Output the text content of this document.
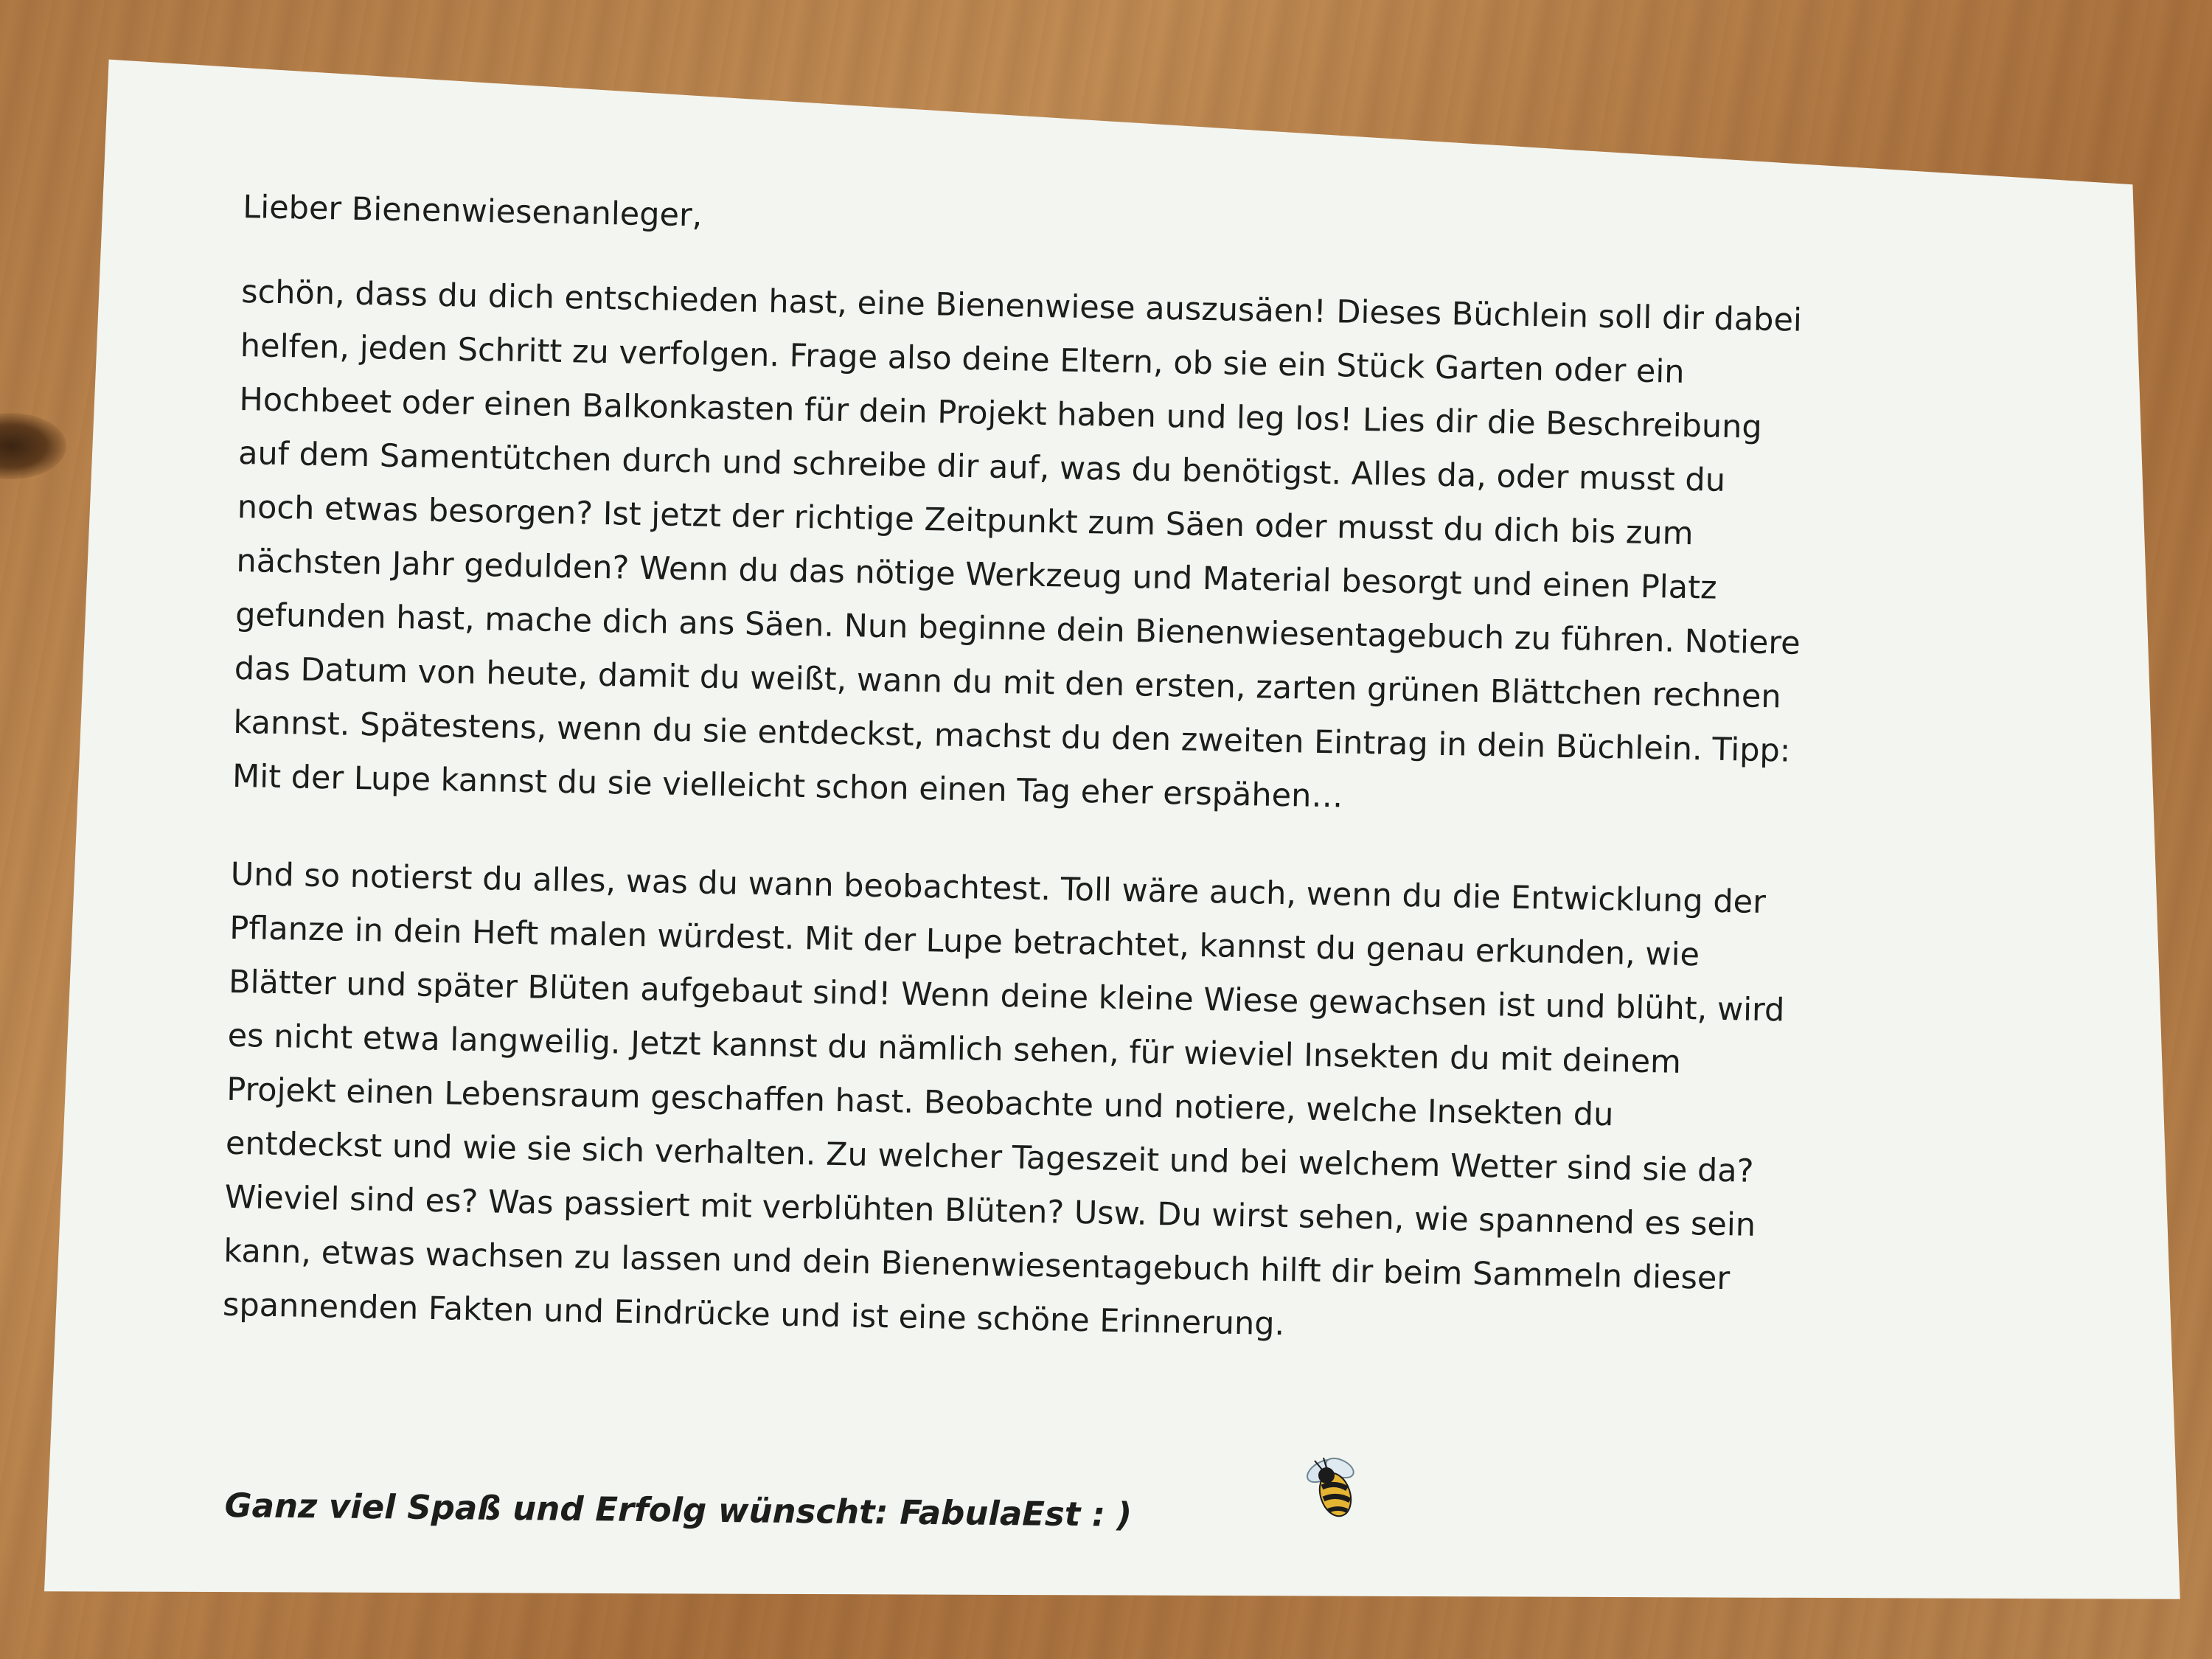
Lieber Bienenwiesenanleger,
schön, dass du dich entschieden hast, eine Bienenwiese auszusäen! Dieses Büchlein soll dir dabei
helfen, jeden Schritt zu verfolgen. Frage also deine Eltern, ob sie ein Stück Garten oder ein
Hochbeet oder einen Balkonkasten für dein Projekt haben und leg los! Lies dir die Beschreibung
auf dem Samentütchen durch und schreibe dir auf, was du benötigst. Alles da, oder musst du
noch etwas besorgen? Ist jetzt der richtige Zeitpunkt zum Säen oder musst du dich bis zum
nächsten Jahr gedulden? Wenn du das nötige Werkzeug und Material besorgt und einen Platz
gefunden hast, mache dich ans Säen. Nun beginne dein Bienenwiesentagebuch zu führen. Notiere
das Datum von heute, damit du weißt, wann du mit den ersten, zarten grünen Blättchen rechnen
kannst. Spätestens, wenn du sie entdeckst, machst du den zweiten Eintrag in dein Büchlein. Tipp:
Mit der Lupe kannst du sie vielleicht schon einen Tag eher erspähen…
Und so notierst du alles, was du wann beobachtest. Toll wäre auch, wenn du die Entwicklung der
Pflanze in dein Heft malen würdest. Mit der Lupe betrachtet, kannst du genau erkunden, wie
Blätter und später Blüten aufgebaut sind! Wenn deine kleine Wiese gewachsen ist und blüht, wird
es nicht etwa langweilig. Jetzt kannst du nämlich sehen, für wieviel Insekten du mit deinem
Projekt einen Lebensraum geschaffen hast. Beobachte und notiere, welche Insekten du
entdeckst und wie sie sich verhalten. Zu welcher Tageszeit und bei welchem Wetter sind sie da?
Wieviel sind es? Was passiert mit verblühten Blüten? Usw. Du wirst sehen, wie spannend es sein
kann, etwas wachsen zu lassen und dein Bienenwiesentagebuch hilft dir beim Sammeln dieser
spannenden Fakten und Eindrücke und ist eine schöne Erinnerung.
Ganz viel Spaß und Erfolg wünscht: FabulaEst : )
